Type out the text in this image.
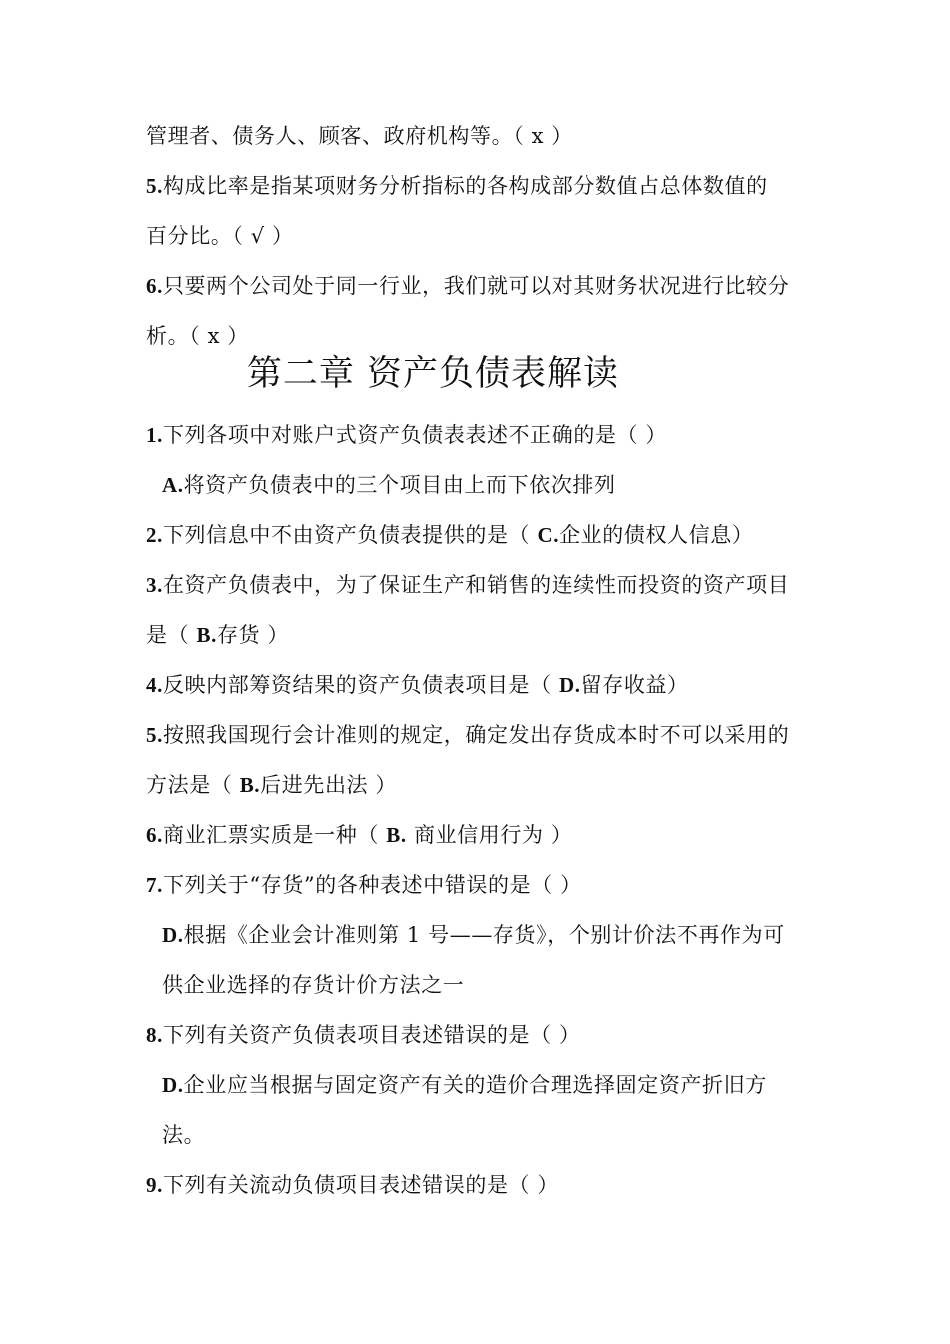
管理者、债务人、顾客、政府机构等。（ x ）
5.构成比率是指某项财务分析指标的各构成部分数值占总体数值的
百分比。（ √ ）
6.只要两个公司处于同一行业，我们就可以对其财务状况进行比较分
析。（ x ）
第二章 资产负债表解读
1.下列各项中对账户式资产负债表表述不正确的是（ ）
A.将资产负债表中的三个项目由上而下依次排列
2.下列信息中不由资产负债表提供的是（ C.企业的债权人信息）
3.在资产负债表中，为了保证生产和销售的连续性而投资的资产项目
是（ B.存货 ）
4.反映内部筹资结果的资产负债表项目是（ D.留存收益）
5.按照我国现行会计准则的规定，确定发出存货成本时不可以采用的
方法是（ B.后进先出法 ）
6.商业汇票实质是一种（ B. 商业信用行为 ）
7.下列关于“存货”的各种表述中错误的是（ ）
D.根据《企业会计准则第 1 号——存货》，个别计价法不再作为可
供企业选择的存货计价方法之一
8.下列有关资产负债表项目表述错误的是（ ）
D.企业应当根据与固定资产有关的造价合理选择固定资产折旧方
法。
9.下列有关流动负债项目表述错误的是（ ）
